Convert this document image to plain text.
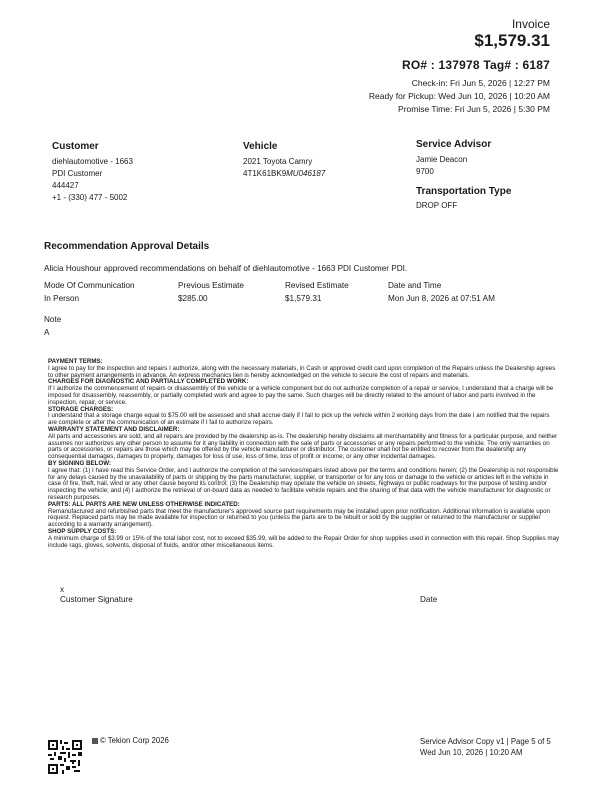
Invoice
$1,579.31
RO# : 137978 Tag# : 6187
Check-in: Fri Jun 5, 2026 | 12:27 PM
Ready for Pickup: Wed Jun 10, 2026 | 10:20 AM
Promise Time: Fri Jun 5, 2026 | 5:30 PM
Customer
diehlautomotive - 1663
PDI Customer
444427
+1 - (330) 477 - 5002
Vehicle
2021 Toyota Camry
4T1K61BK9MU046187
Service Advisor
Jamie Deacon
9700
Transportation Type
DROP OFF
Recommendation Approval Details
Alicia Houshour approved recommendations on behalf of diehlautomotive - 1663 PDI Customer PDI.
Mode Of Communication
In Person
Previous Estimate
$285.00
Revised Estimate
$1,579.31
Date and Time
Mon Jun 8, 2026 at 07:51 AM
Note
A
PAYMENT TERMS:

I agree to pay for the inspection and repairs I authorize, along with the necessary materials, in Cash or approved credit card upon completion of the Repairs unless the Dealership agrees to other payment arrangements in advance. An express mechanics lien is hereby acknowledged on the vehicle to secure the cost of repairs and materials.

CHARGES FOR DIAGNOSTIC AND PARTIALLY COMPLETED WORK:

If I authorize the commencement of repairs or disassembly of the vehicle or a vehicle component but do not authorize completion of a repair or service, I understand that a charge will be imposed for disassembly, reassembly, or partially completed work and agree to pay the same. Such charges will be directly related to the amount of labor and parts involved in the inspection, repair, or service.

STORAGE CHARGES:

I understand that a storage charge equal to $75.00 will be assessed and shall accrue daily if I fail to pick up the vehicle within 2 working days from the date I am notified that the repairs are complete or after the communication of an estimate if I fail to authorize repairs.

WARRANTY STATEMENT AND DISCLAIMER:

All parts and accessories are sold, and all repairs are provided by the dealership as-is. The dealership hereby disclaims all merchantability and fitness for a particular purpose, and neither assumes nor authorizes any other person to assume for it any liability in connection with the sale of parts or accessories or any repairs performed to the vehicle. The only warranties on parts or accessories, or repairs are those which may be offered by the vehicle manufacturer or distributor. The customer shall not be entitled to recover from the dealership any consequential damages, damages to property, damages for loss of use, loss of time, loss of profit or income, or any other incidental damages.

BY SIGNING BELOW:

I agree that: (1) I have read this Service Order, and I authorize the completion of the services/repairs listed above per the terms and conditions herein; (2) the Dealership is not responsible for any delays caused by the unavailability of parts or shipping by the parts manufacturer, supplier, or transporter or for any loss or damage to the vehicle or articles left in the vehicle in case of fire, theft, hail, wind or any other cause beyond its control; (3) the Dealership may operate the vehicle on streets, highways or public roadways for the purpose of testing and/or inspecting the vehicle; and (4) I authorize the retrieval of on-board data as needed to facilitate vehicle repairs and the sharing of that data with the vehicle manufacturer for diagnostic or research purposes.

PARTS: ALL PARTS ARE NEW UNLESS OTHERWISE INDICATED:

Remanufactured and refurbished parts that meet the manufacturer's approved source part requirements may be installed upon prior notification. Additional information is available upon request. Replaced parts may be made available for inspection or returned to you (unless the parts are to be rebuilt or sold by the supplier or returned to the manufacturer or supplier according to a warranty arrangement).

SHOP SUPPLY COSTS:

A minimum charge of $3.99 or 15% of the total labor cost, not to exceed $35.99, will be added to the Repair Order for shop supplies used in connection with this repair. Shop Supplies may include rags, gloves, solvents, disposal of fluids, and/or other miscellaneous items.

x
Customer Signature	Date
© Tekion Corp 2026	Service Advisor Copy v1 | Page 5 of 5
Wed Jun 10, 2026 | 10:20 AM
